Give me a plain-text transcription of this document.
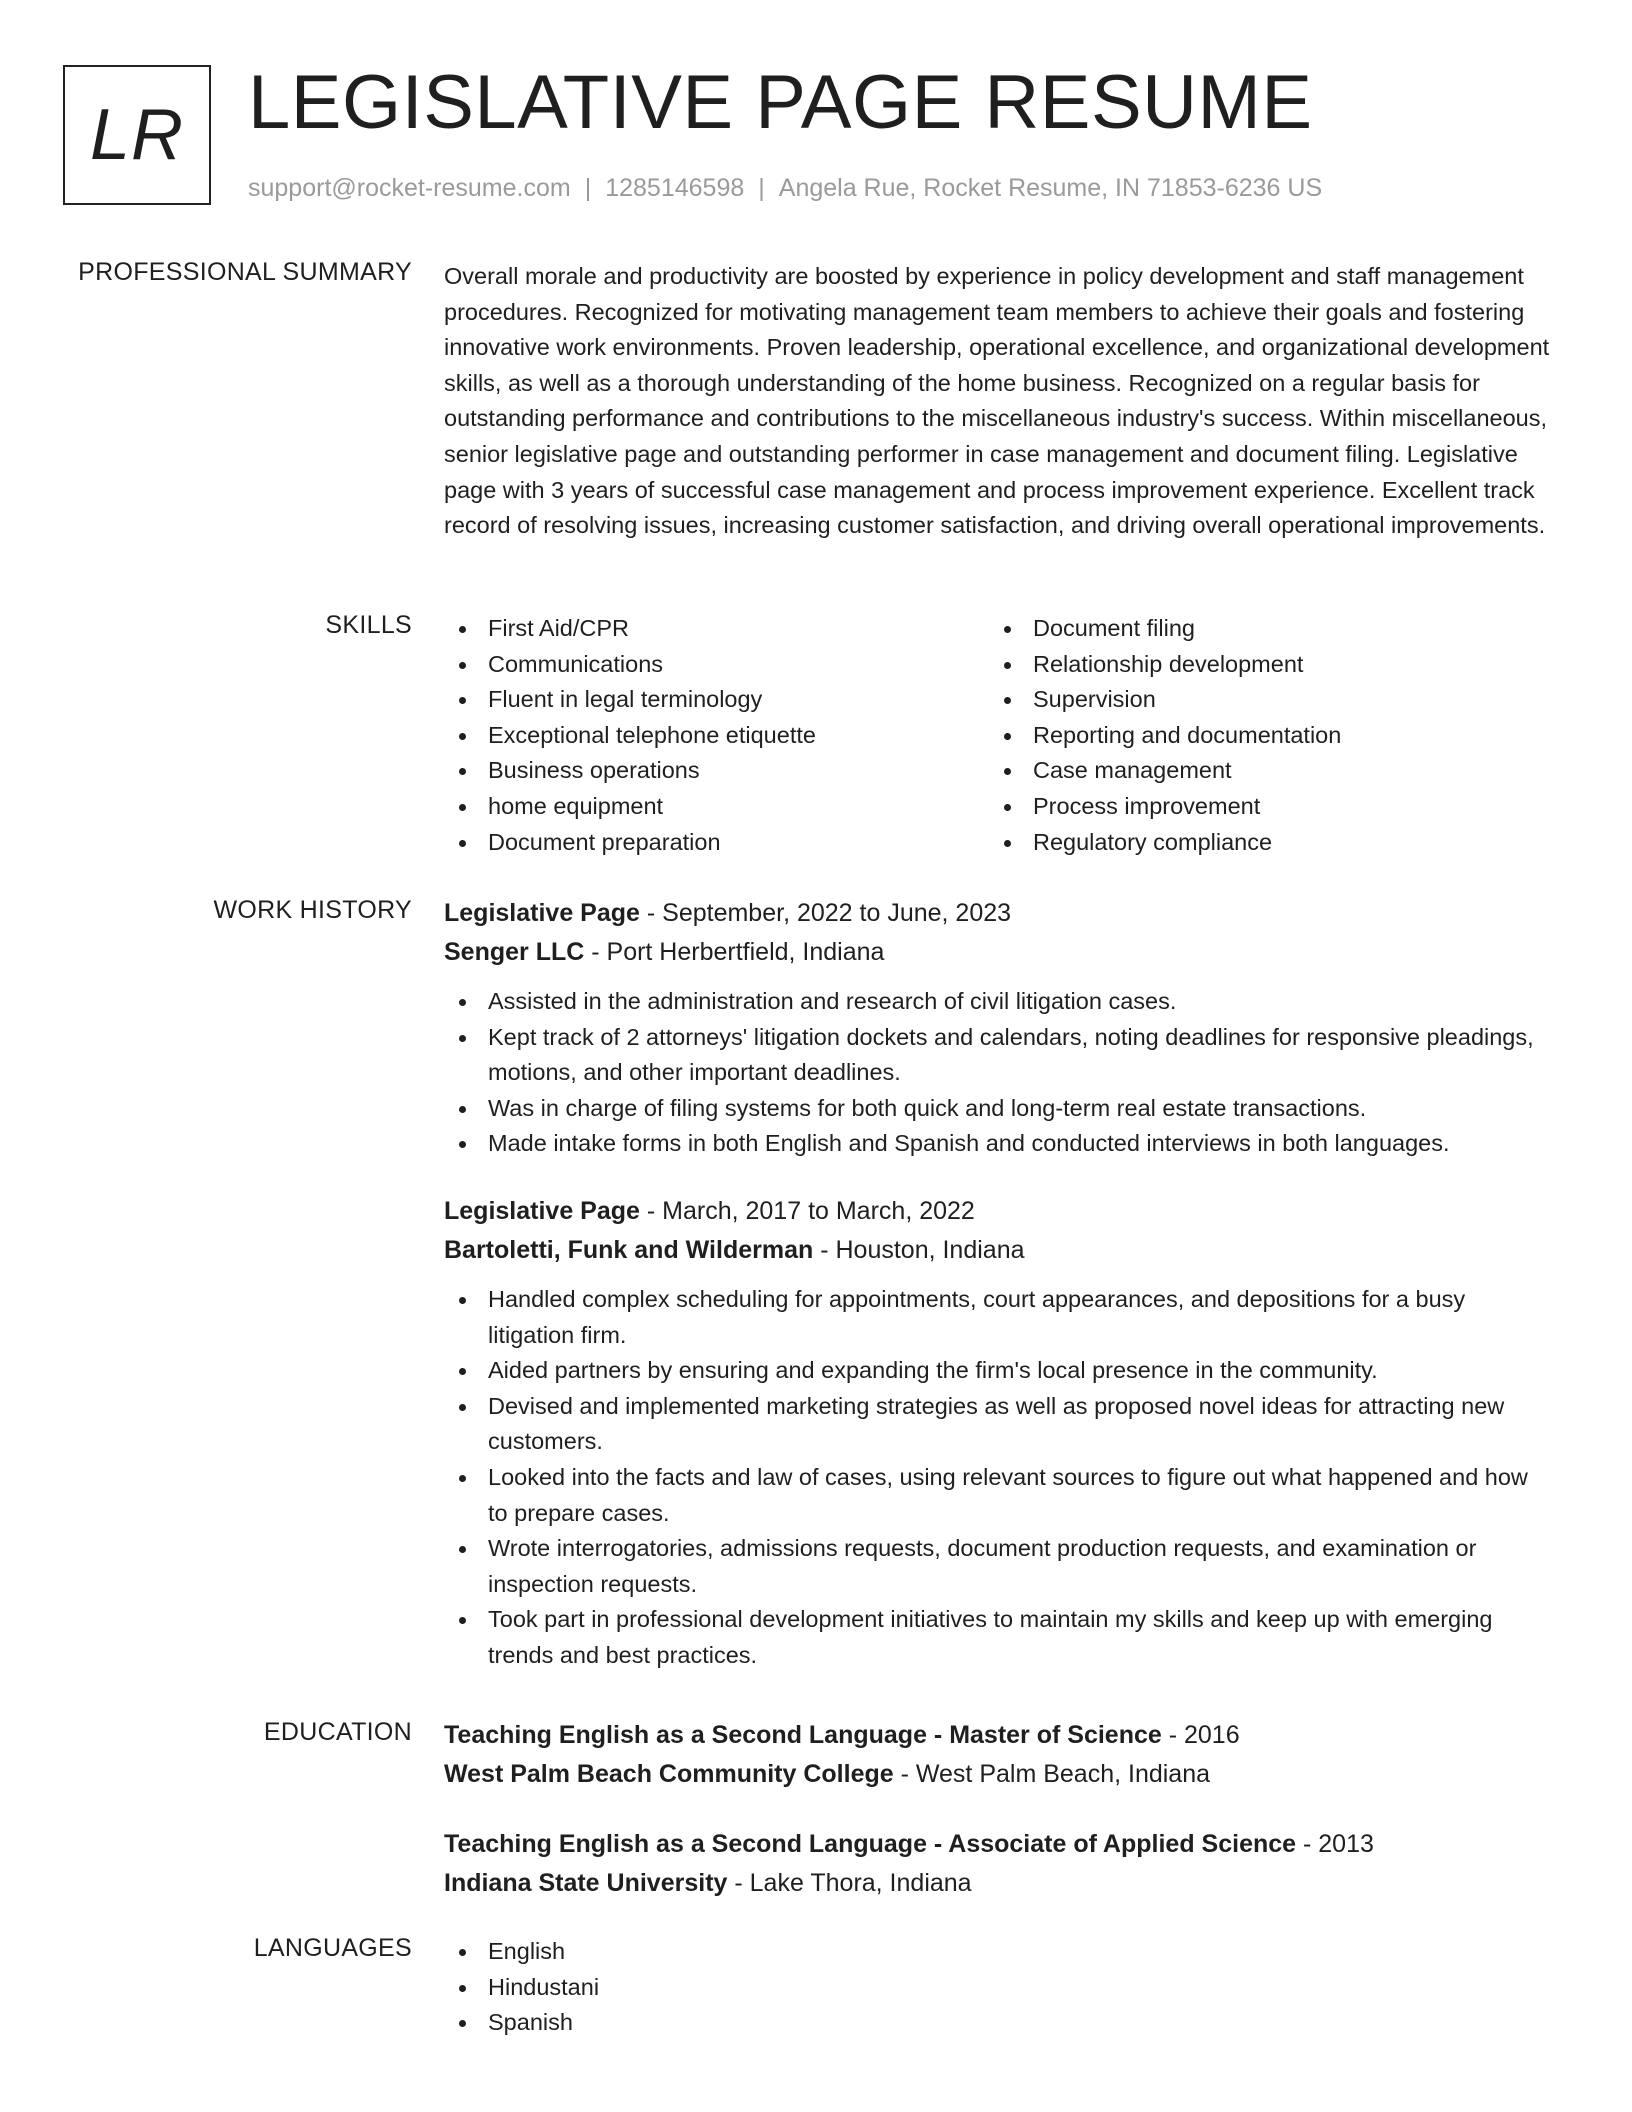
LR LEGISLATIVE PAGE RESUME
support@rocket-resume.com | 1285146598 | Angela Rue, Rocket Resume, IN 71853-6236 US
PROFESSIONAL SUMMARY Overall morale and productivity are boosted by experience in policy development and staff management procedures. Recognized for motivating management team members to achieve their goals and fostering innovative work environments. Proven leadership, operational excellence, and organizational development skills, as well as a thorough understanding of the home business. Recognized on a regular basis for outstanding performance and contributions to the miscellaneous industry's success. Within miscellaneous, senior legislative page and outstanding performer in case management and document filing. Legislative page with 3 years of successful case management and process improvement experience. Excellent track record of resolving issues, increasing customer satisfaction, and driving overall operational improvements.

SKILLS	First Aid/CPR
Communications
Fluent in legal terminology
Exceptional telephone etiquette
Business operations
home equipment
Document preparation
Document filing
Relationship development
Supervision
Reporting and documentation
Case management
Process improvement
Regulatory compliance
WORK HISTORY Legislative Page - September, 2022 to June, 2023
Senger LLC - Port Herbertfield, Indiana
Assisted in the administration and research of civil litigation cases.
Kept track of 2 attorneys' litigation dockets and calendars, noting deadlines for responsive pleadings, motions, and other important deadlines.
Was in charge of filing systems for both quick and long-term real estate transactions.
Made intake forms in both English and Spanish and conducted interviews in both languages.
Legislative Page - March, 2017 to March, 2022
Bartoletti, Funk and Wilderman - Houston, Indiana
Handled complex scheduling for appointments, court appearances, and depositions for a busy litigation firm.
Aided partners by ensuring and expanding the firm's local presence in the community.
Devised and implemented marketing strategies as well as proposed novel ideas for attracting new customers.
Looked into the facts and law of cases, using relevant sources to figure out what happened and how to prepare cases.
Wrote interrogatories, admissions requests, document production requests, and examination or inspection requests.
Took part in professional development initiatives to maintain my skills and keep up with emerging trends and best practices.
EDUCATION Teaching English as a Second Language - Master of Science - 2016
West Palm Beach Community College - West Palm Beach, Indiana
Teaching English as a Second Language - Associate of Applied Science - 2013
Indiana State University - Lake Thora, Indiana
LANGUAGES	English
Hindustani
Spanish
